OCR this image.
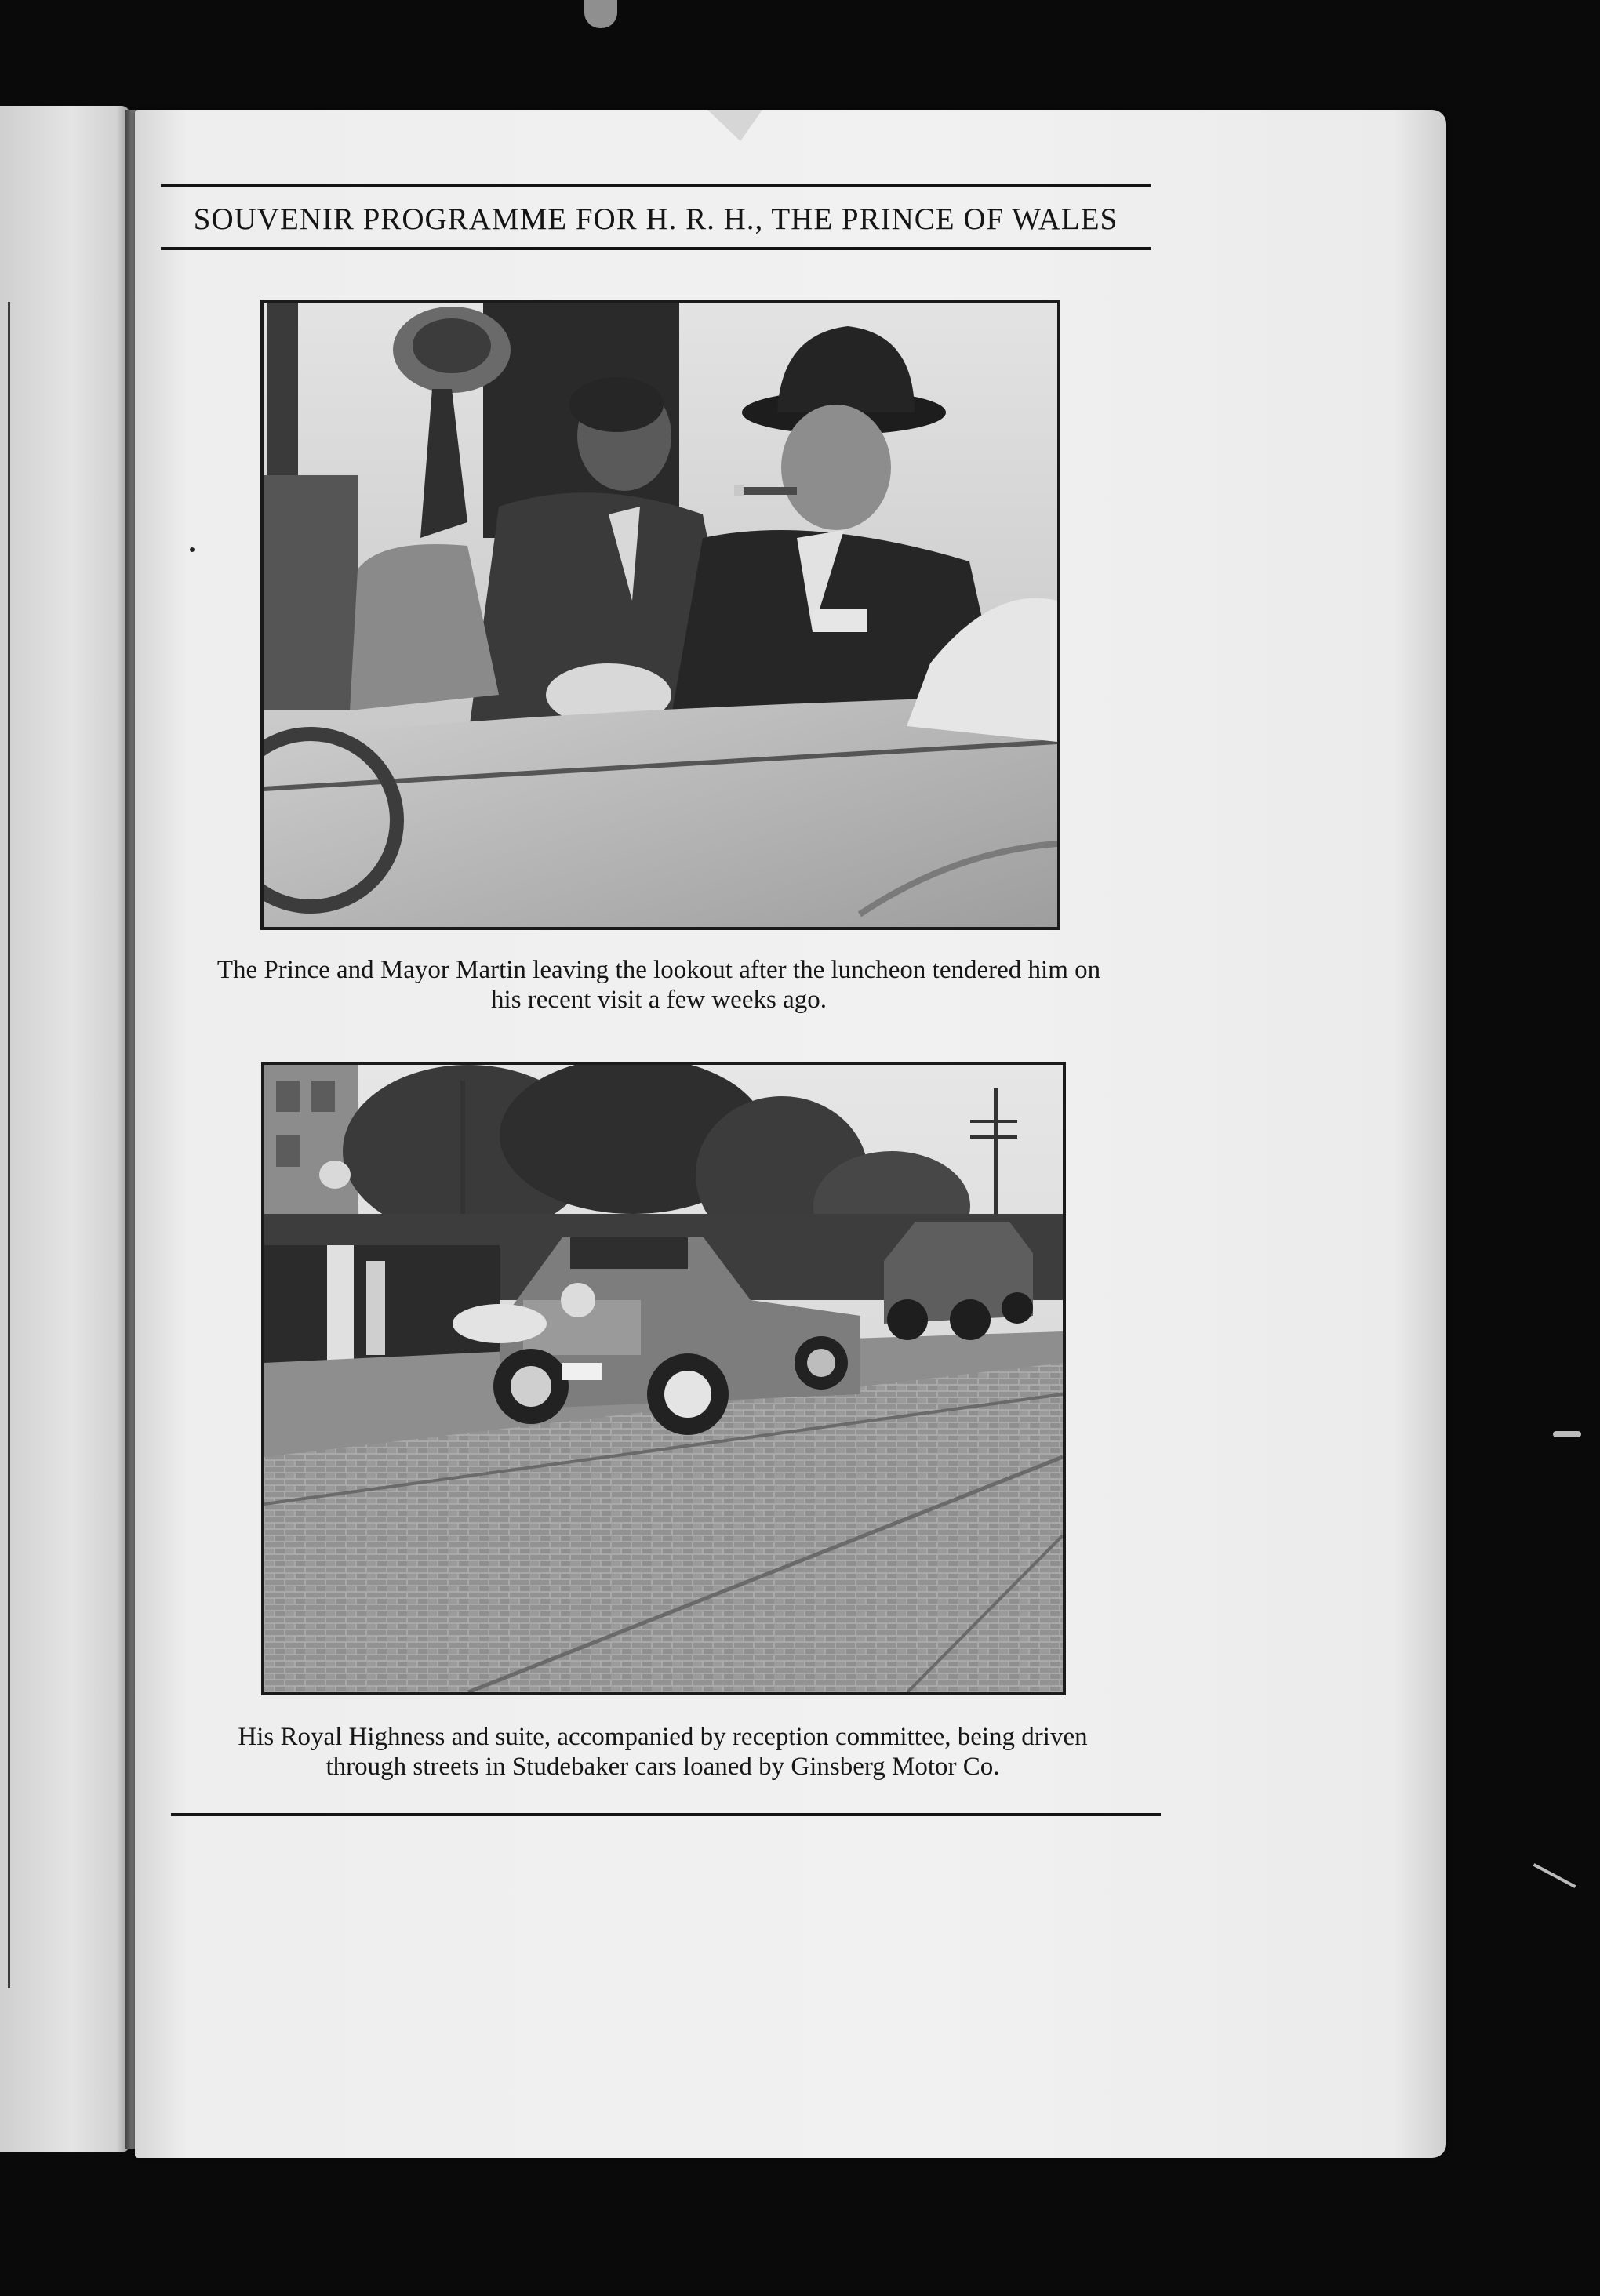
SOUVENIR PROGRAMME FOR H. R. H., THE PRINCE OF WALES
The Prince and Mayor Martin leaving the lookout after the luncheon tendered him on
his recent visit a few weeks ago.
His Royal Highness and suite, accompanied by reception committee, being driven
through streets in Studebaker cars loaned by Ginsberg Motor Co.
